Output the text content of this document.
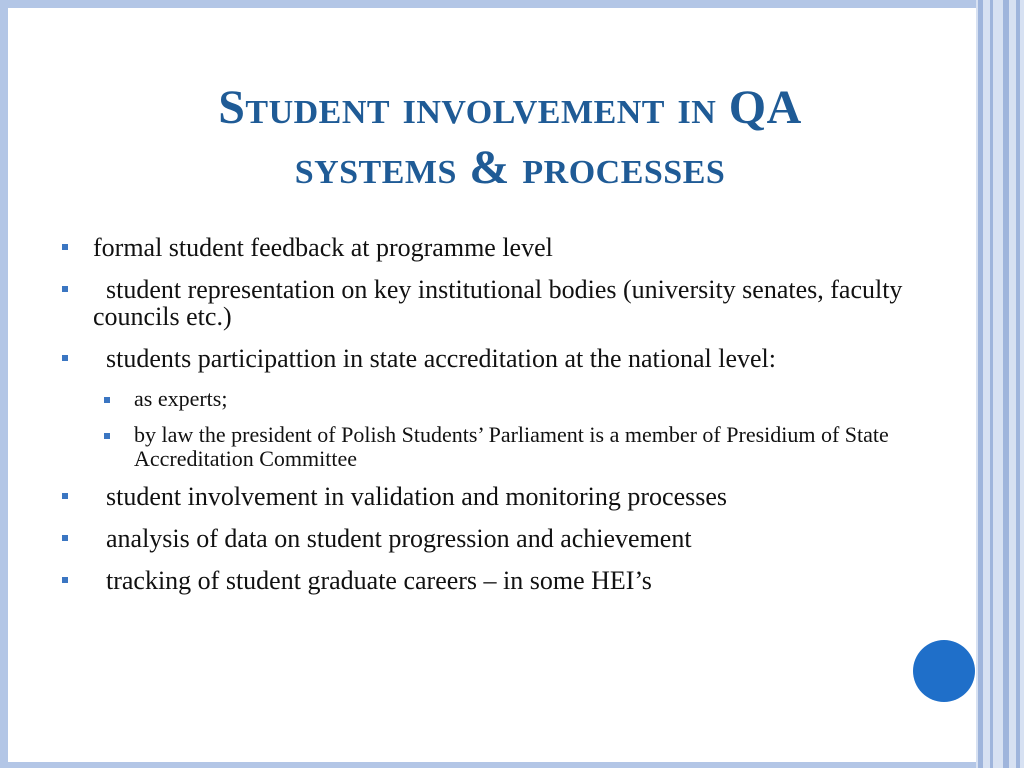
Student involvement in QA
systems & processes
formal student feedback at programme level
student representation on key institutional bodies (university senates, faculty councils etc.)
students participattion in state accreditation at the national level:
as experts;
by law the president of Polish Students’ Parliament is a member of Presidium of State Accreditation Committee
student involvement in validation and monitoring processes
analysis of data on student progression and achievement
tracking of student graduate careers – in some HEI’s
